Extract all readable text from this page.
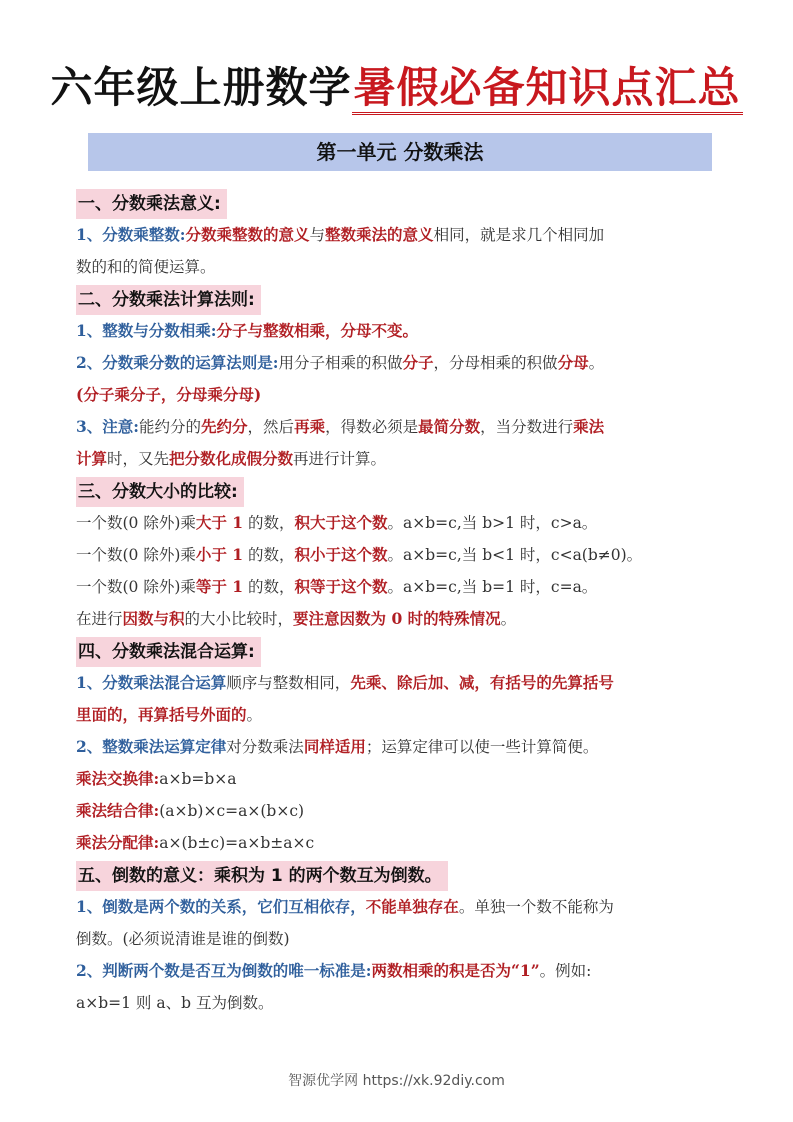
六年级上册数学暑假必备知识点汇总
第一单元 分数乘法
一、分数乘法意义:
1、分数乘整数:分数乘整数的意义与整数乘法的意义相同，就是求几个相同加
数的和的简便运算。
二、分数乘法计算法则:
1、整数与分数相乘:分子与整数相乘，分母不变。
2、分数乘分数的运算法则是:用分子相乘的积做分子，分母相乘的积做分母。
(分子乘分子，分母乘分母)
3、注意:能约分的先约分，然后再乘，得数必须是最简分数，当分数进行乘法
计算时，又先把分数化成假分数再进行计算。
三、分数大小的比较:
一个数(0 除外)乘大于 1 的数，积大于这个数。a×b=c,当 b>1 时，c>a。
一个数(0 除外)乘小于 1 的数，积小于这个数。a×b=c,当 b<1 时，c<a(b≠0)。
一个数(0 除外)乘等于 1 的数，积等于这个数。a×b=c,当 b=1 时，c=a。
在进行因数与积的大小比较时，要注意因数为 0 时的特殊情况。
四、分数乘法混合运算:
1、分数乘法混合运算顺序与整数相同，先乘、除后加、减，有括号的先算括号
里面的，再算括号外面的。
2、整数乘法运算定律对分数乘法同样适用；运算定律可以使一些计算简便。
乘法交换律:a×b=b×a
乘法结合律:(a×b)×c=a×(b×c)
乘法分配律:a×(b±c)=a×b±a×c
五、倒数的意义：乘积为 1 的两个数互为倒数。
1、倒数是两个数的关系，它们互相依存，不能单独存在。单独一个数不能称为
倒数。(必须说清谁是谁的倒数)
2、判断两个数是否互为倒数的唯一标准是:两数相乘的积是否为“1”。例如:
a×b=1 则 a、b 互为倒数。
智源优学网 https://xk.92diy.com
